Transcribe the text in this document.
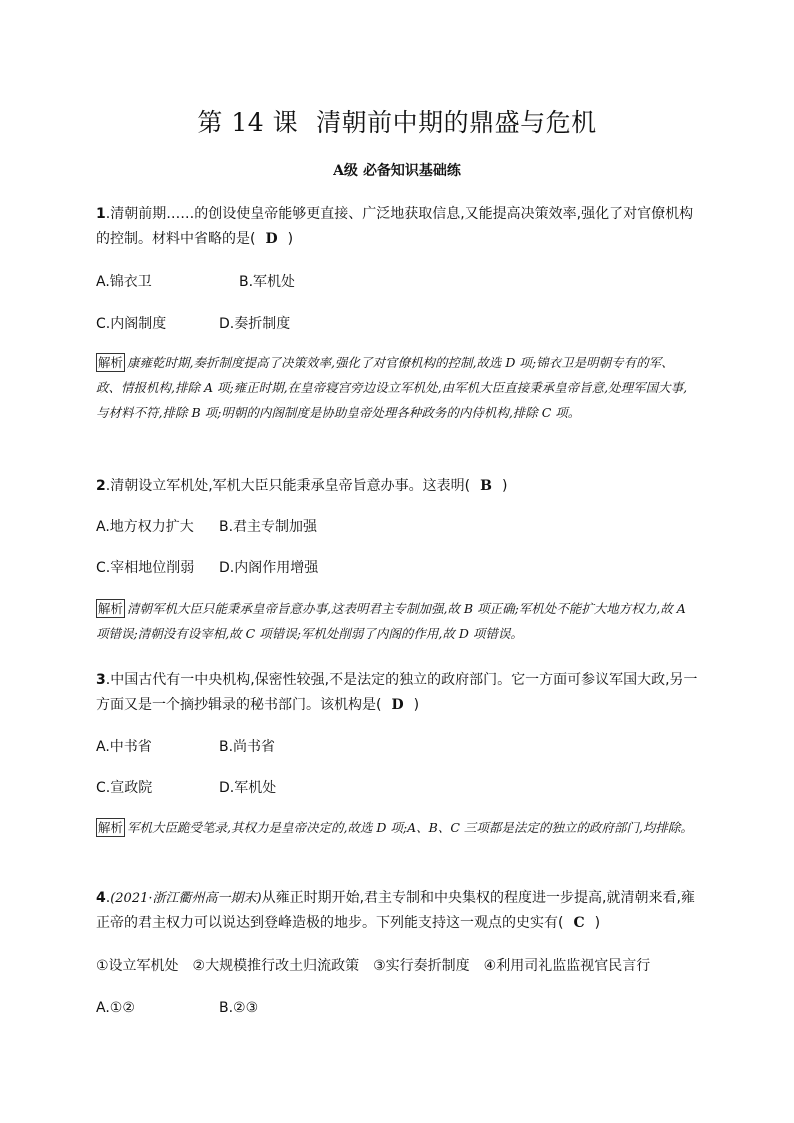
第 14 课 清朝前中期的鼎盛与危机
A级 必备知识基础练
1.清朝前期……的创设使皇帝能够更直接、广泛地获取信息,又能提高决策效率,强化了对官僚机构的控制。材料中省略的是( D )
A.锦衣卫	B.军机处
C.内阁制度	D.奏折制度
解析 康雍乾时期,奏折制度提高了决策效率,强化了对官僚机构的控制,故选 D 项;锦衣卫是明朝专有的军、政、情报机构,排除 A 项;雍正时期,在皇帝寝宫旁边设立军机处,由军机大臣直接秉承皇帝旨意,处理军国大事,与材料不符,排除 B 项;明朝的内阁制度是协助皇帝处理各种政务的内侍机构,排除 C 项。
2.清朝设立军机处,军机大臣只能秉承皇帝旨意办事。这表明( B )
A.地方权力扩大 B.君主专制加强
C.宰相地位削弱 D.内阁作用增强
解析 清朝军机大臣只能秉承皇帝旨意办事,这表明君主专制加强,故 B 项正确;军机处不能扩大地方权力,故 A 项错误;清朝没有设宰相,故 C 项错误;军机处削弱了内阁的作用,故 D 项错误。
3.中国古代有一中央机构,保密性较强,不是法定的独立的政府部门。它一方面可参议军国大政,另一方面又是一个摘抄辑录的秘书部门。该机构是( D )
A.中书省	B.尚书省
C.宣政院	D.军机处
解析 军机大臣跪受笔录,其权力是皇帝决定的,故选 D 项;A、B、C 三项都是法定的独立的政府部门,均排除。
4.(2021·浙江衢州高一期末)从雍正时期开始,君主专制和中央集权的程度进一步提高,就清朝来看,雍正帝的君主权力可以说达到登峰造极的地步。下列能支持这一观点的史实有( C )
①设立军机处　②大规模推行改土归流政策　③实行奏折制度　④利用司礼监监视官民言行
A.①②	B.②③
